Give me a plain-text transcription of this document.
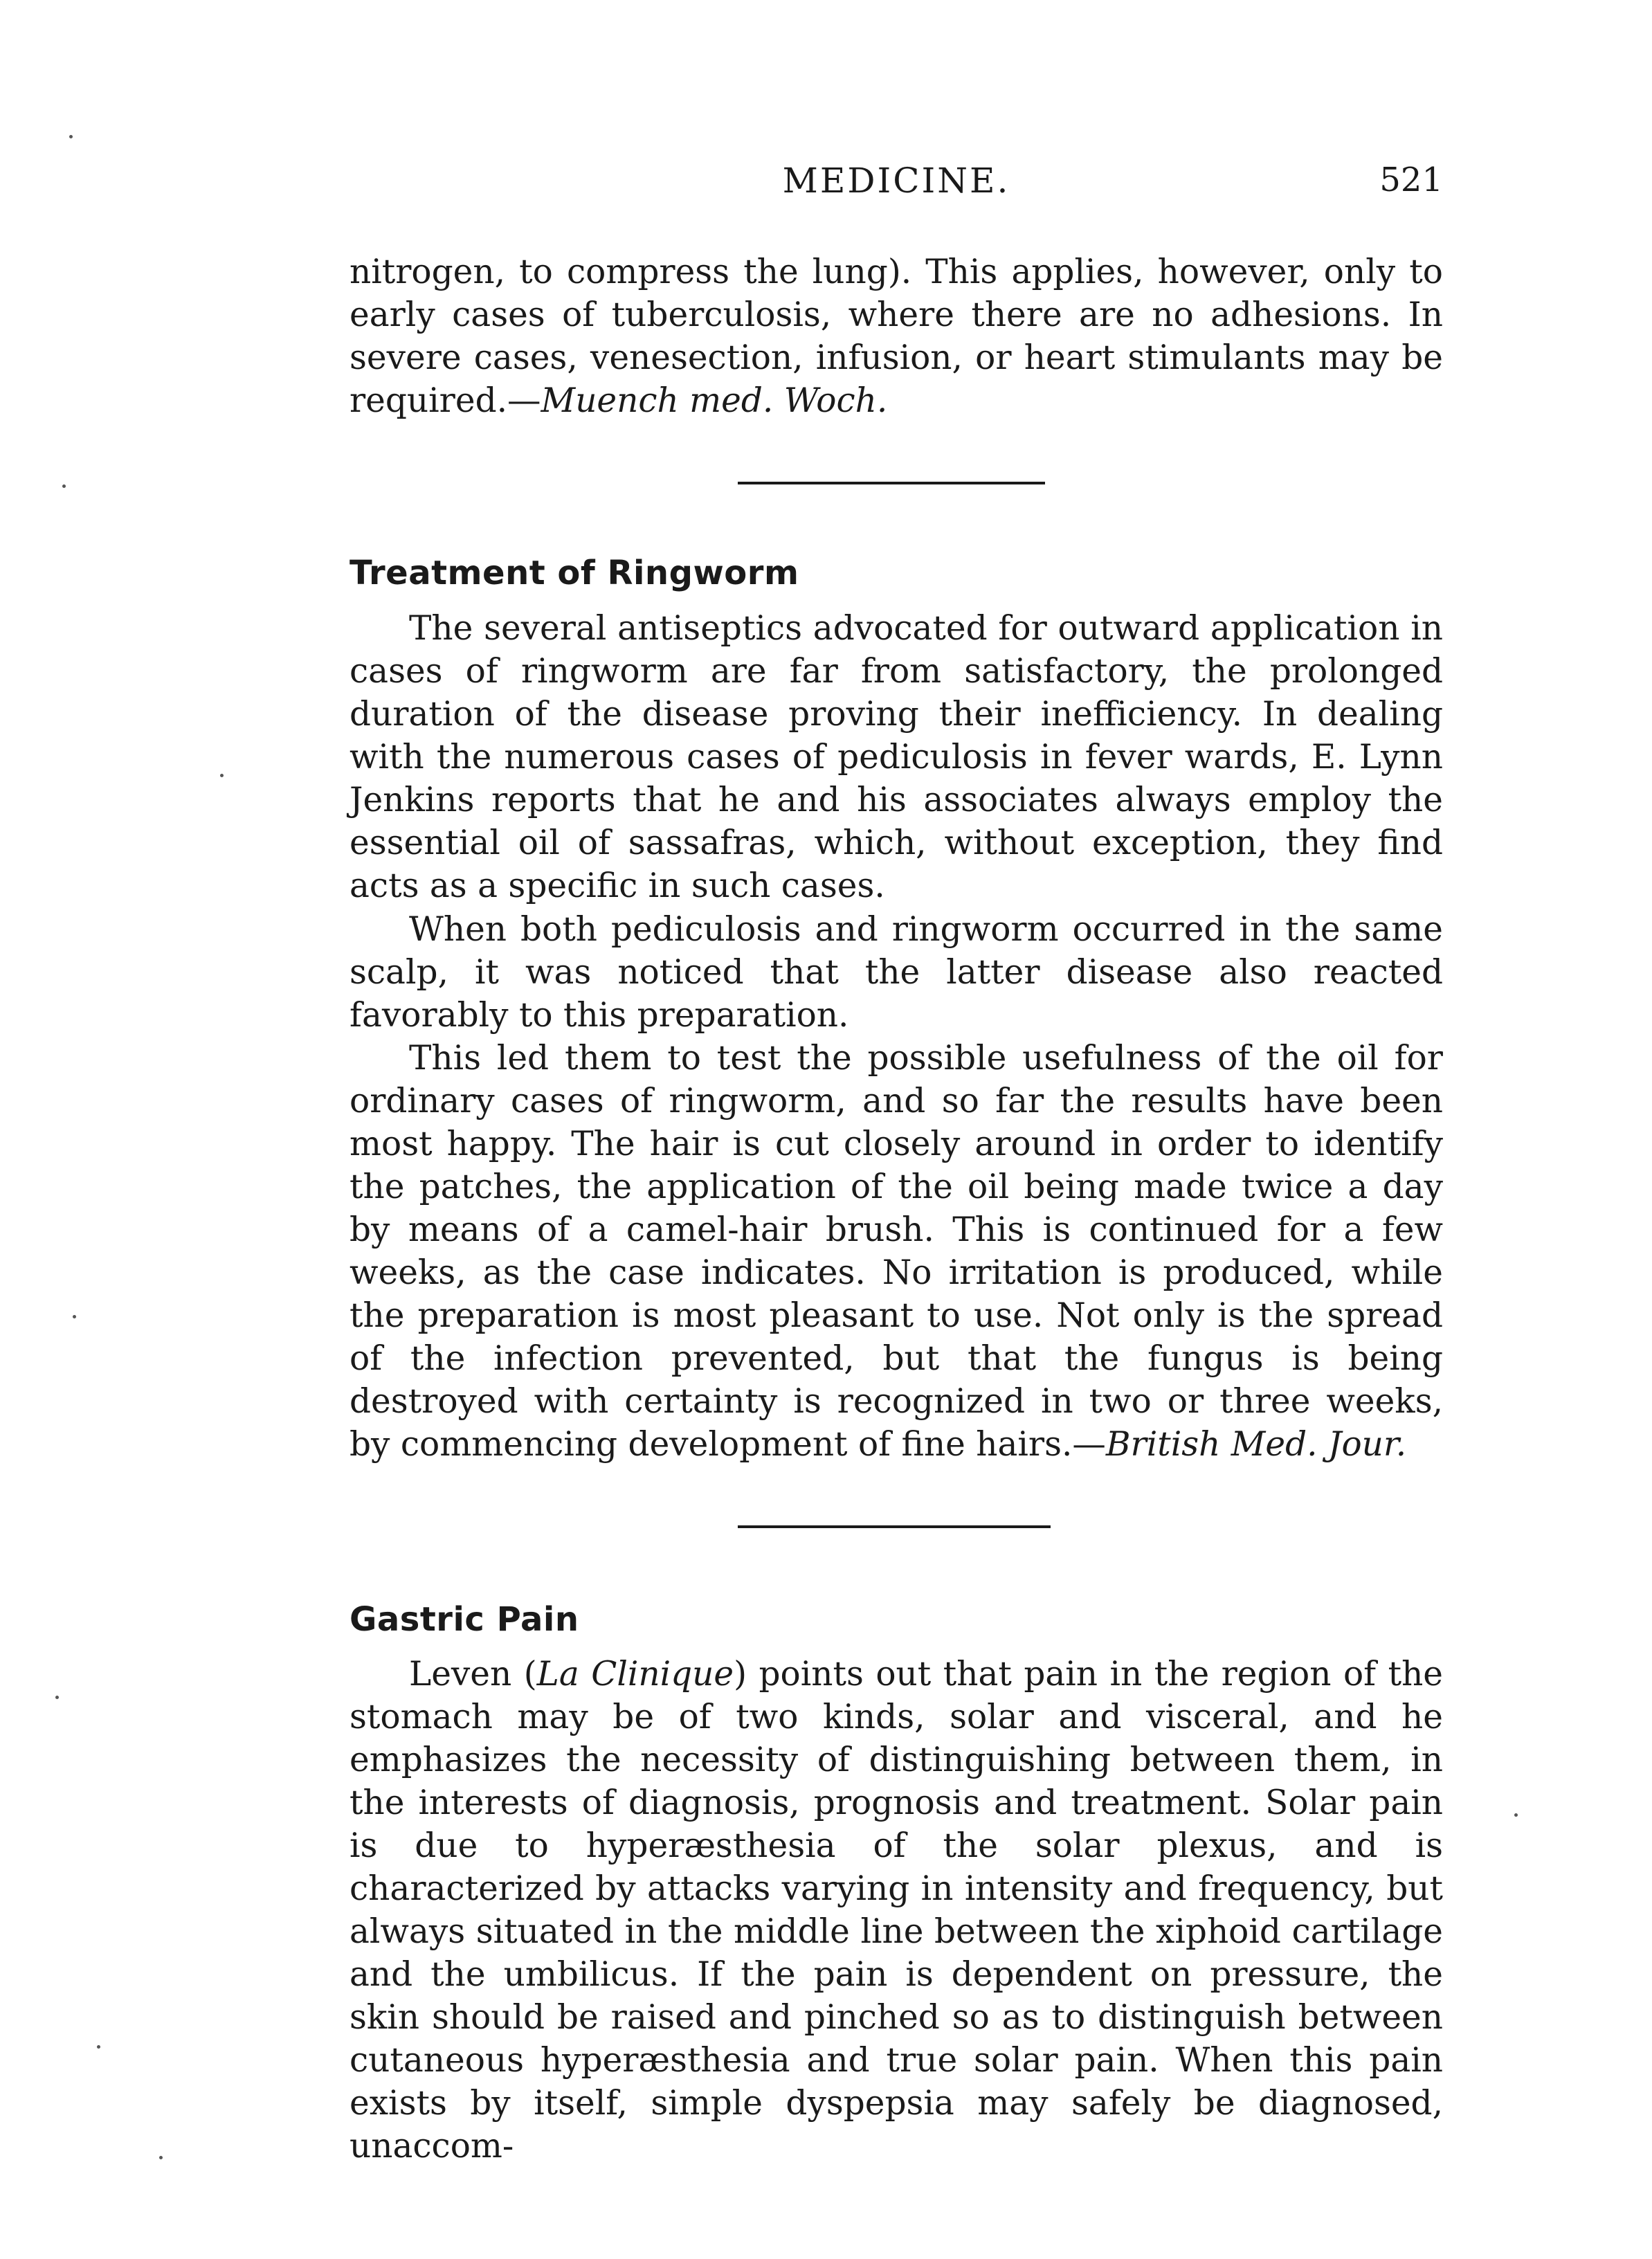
MEDICINE.	521

nitrogen, to compress the lung). This applies, however, only to early cases of tuberculosis, where there are no adhesions. In severe cases, venesection, infusion, or heart stimulants may be required.—Muench med. Woch.

Treatment of Ringworm

The several antiseptics advocated for outward application in cases of ringworm are far from satisfactory, the prolonged duration of the disease proving their inefficiency. In dealing with the numerous cases of pediculosis in fever wards, E. Lynn Jenkins reports that he and his associates always employ the essential oil of sassafras, which, without exception, they find acts as a specific in such cases.

When both pediculosis and ringworm occurred in the same scalp, it was noticed that the latter disease also reacted favorably to this preparation.

This led them to test the possible usefulness of the oil for ordinary cases of ringworm, and so far the results have been most happy. The hair is cut closely around in order to identify the patches, the application of the oil being made twice a day by means of a camel-hair brush. This is continued for a few weeks, as the case indicates. No irritation is produced, while the preparation is most pleasant to use. Not only is the spread of the infection prevented, but that the fungus is being destroyed with certainty is recognized in two or three weeks, by commencing development of fine hairs.—British Med. Jour.

Gastric Pain

Leven (La Clinique) points out that pain in the region of the stomach may be of two kinds, solar and visceral, and he emphasizes the necessity of distinguishing between them, in the interests of diagnosis, prognosis and treatment. Solar pain is due to hyperæsthesia of the solar plexus, and is characterized by attacks varying in intensity and frequency, but always situated in the middle line between the xiphoid cartilage and the umbilicus. If the pain is dependent on pressure, the skin should be raised and pinched so as to distinguish between cutaneous hyperæsthesia and true solar pain. When this pain exists by itself, simple dyspepsia may safely be diagnosed, unaccom-
